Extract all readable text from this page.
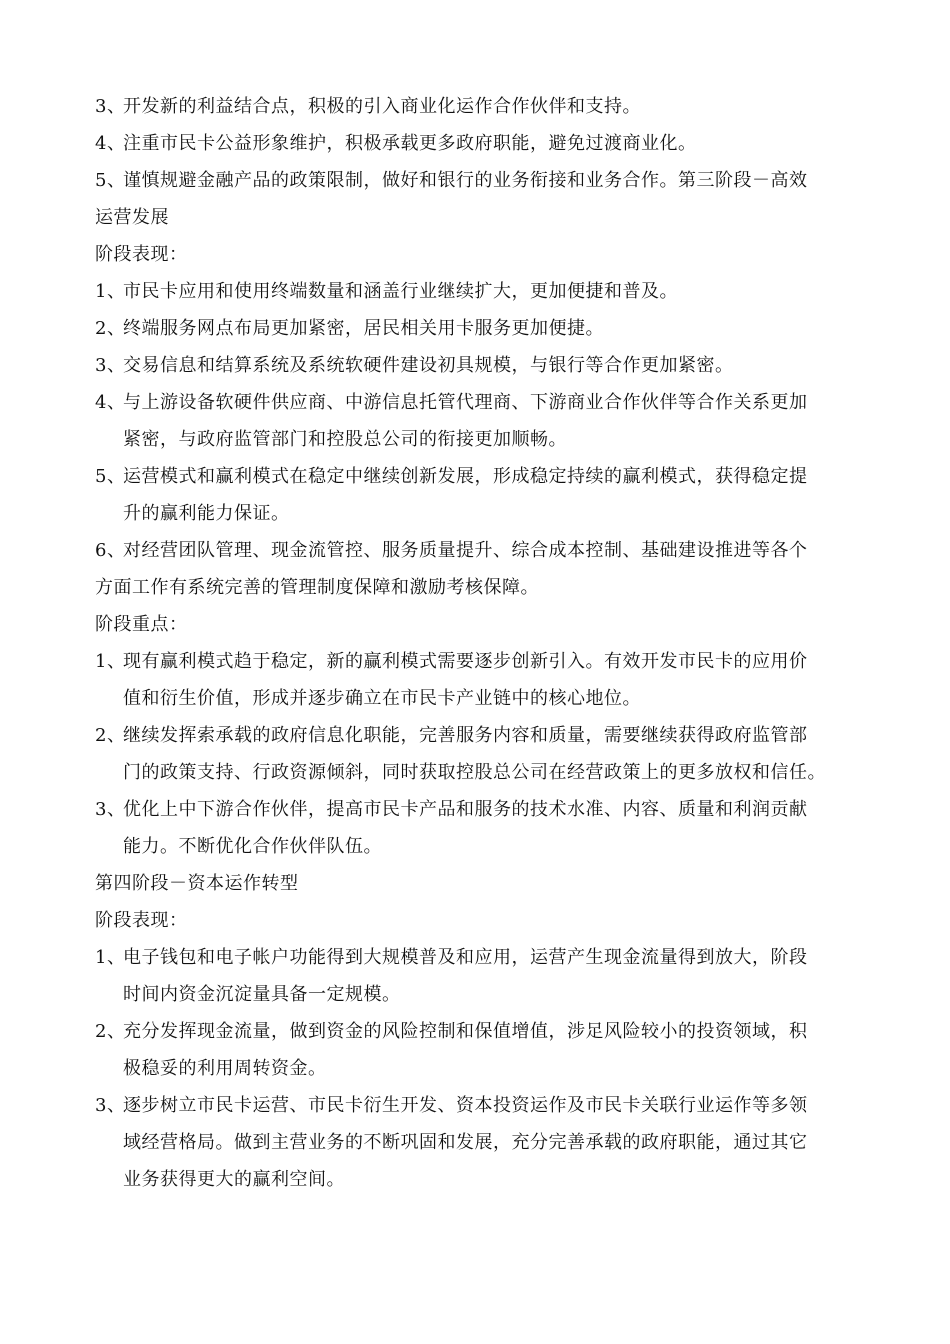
3、
开发新的利益结合点，积极的引入商业化运作合作伙伴和支持。
4、
注重市民卡公益形象维护，积极承载更多政府职能，避免过渡商业化。
5、
谨慎规避金融产品的政策限制，做好和银行的业务衔接和业务合作。第三阶段－高效
运营发展
阶段表现：
1、
市民卡应用和使用终端数量和涵盖行业继续扩大，更加便捷和普及。
2、
终端服务网点布局更加紧密，居民相关用卡服务更加便捷。
3、
交易信息和结算系统及系统软硬件建设初具规模，与银行等合作更加紧密。
4、
与上游设备软硬件供应商、中游信息托管代理商、下游商业合作伙伴等合作关系更加
紧密，与政府监管部门和控股总公司的衔接更加顺畅。
5、
运营模式和赢利模式在稳定中继续创新发展，形成稳定持续的赢利模式，获得稳定提
升的赢利能力保证。
6、
对经营团队管理、现金流管控、服务质量提升、综合成本控制、基础建设推进等各个
方面工作有系统完善的管理制度保障和激励考核保障。
阶段重点：
1、
现有赢利模式趋于稳定，新的赢利模式需要逐步创新引入。有效开发市民卡的应用价
值和衍生价值，形成并逐步确立在市民卡产业链中的核心地位。
2、
继续发挥索承载的政府信息化职能，完善服务内容和质量，需要继续获得政府监管部
门的政策支持、行政资源倾斜，同时获取控股总公司在经营政策上的更多放权和信任。
3、
优化上中下游合作伙伴，提高市民卡产品和服务的技术水准、内容、质量和利润贡献
能力。不断优化合作伙伴队伍。
第四阶段－资本运作转型
阶段表现：
1、
电子钱包和电子帐户功能得到大规模普及和应用，运营产生现金流量得到放大，阶段
时间内资金沉淀量具备一定规模。
2、
充分发挥现金流量，做到资金的风险控制和保值增值，涉足风险较小的投资领域，积
极稳妥的利用周转资金。
3、
逐步树立市民卡运营、市民卡衍生开发、资本投资运作及市民卡关联行业运作等多领
域经营格局。做到主营业务的不断巩固和发展，充分完善承载的政府职能，通过其它
业务获得更大的赢利空间。
